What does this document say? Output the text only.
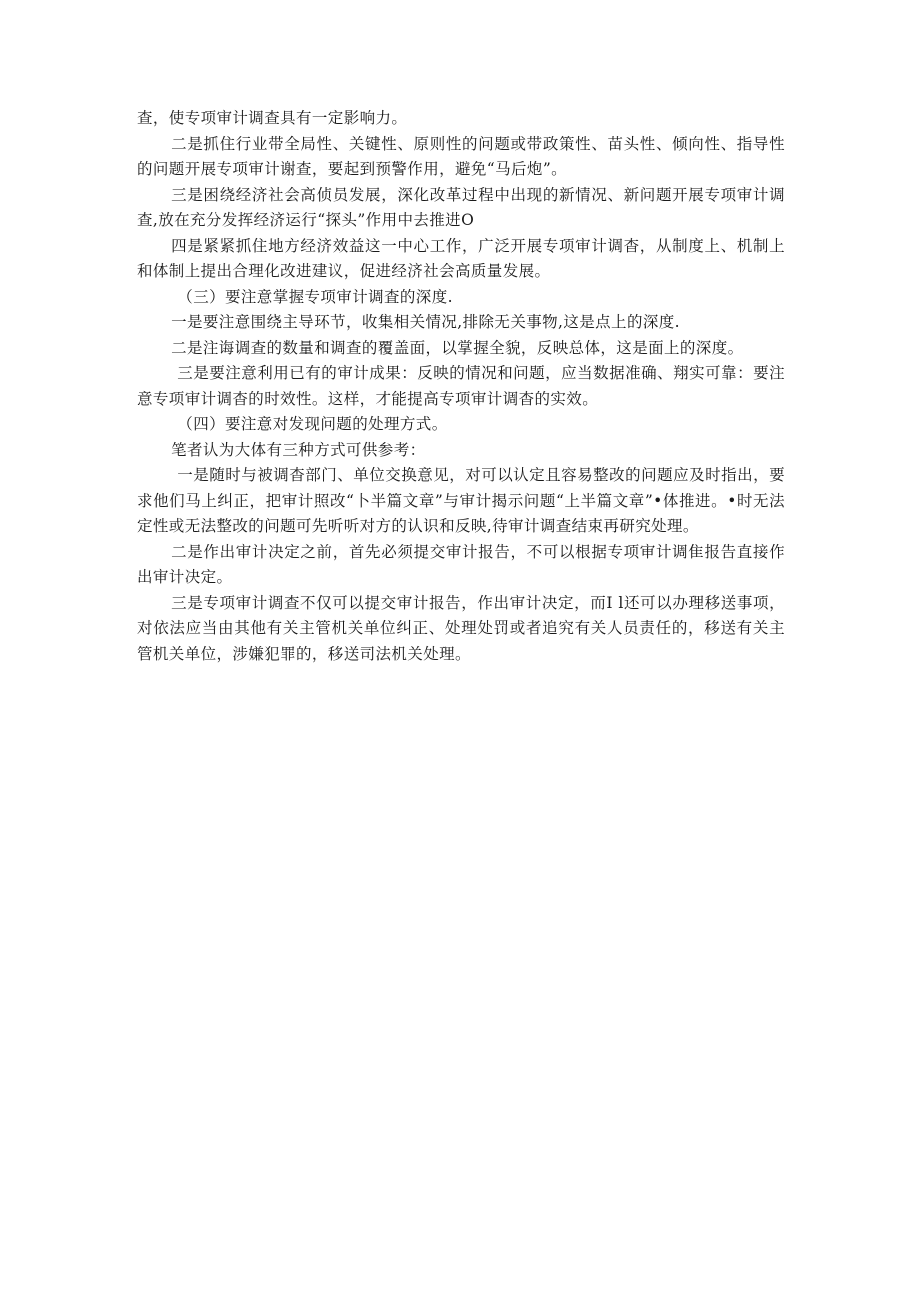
查，使专项审计调查具有一定影响力。

二是抓住行业带全局性、关键性、原则性的问题或带政策性、苗头性、倾向性、指导性的问题开展专项审计谢查，要起到预警作用，避免“马后炮”。

三是困绕经济社会高侦员发展，深化改革过程中出现的新情况、新问题开展专项审计调查,放在充分发挥经济运行“探头”作用中去推进O

四是紧紧抓住地方经济效益这一中心工作，广泛开展专项审计调杳，从制度上、机制上和体制上提出合理化改进建议，促进经济社会高质量发展。

（三）要注意掌握专项审计调査的深度.

一是要注意围绕主导环节，收集相关情况,排除无关事物,这是点上的深度.

二是注诲调查的数量和调查的覆盖面，以掌握全貌，反映总体，这是面上的深度。

三是要注意利用已有的审计成果：反映的情况和问题，应当数据准确、翔实可靠：要注意专项审计调杳的时效性。这样，才能提高专项审计调杳的实效。

（四）要注意对发现问题的处理方式。

笔者认为大体有三种方式可供参考：

一是随时与被调杳部门、单位交换意见，对可以认定且容易整改的问题应及时指出，要求他们马上纠正，把审计照改“卜半篇文章”与审计揭示问题“上半篇文章”•体推进。•时无法定性或无法整改的问题可先听听对方的认识和反映,待审计调查结束再研究处理。

二是作出审计决定之前，首先必须提交审计报告，不可以根据专项审计调隹报告直接作出审计决定。

三是专项审计调查不仅可以提交审计报告，作出审计决定，而I l还可以办理移送事项，对依法应当由其他有关主管机关单位纠正、处理处罚或者追究有关人员责任的，移送有关主管机关单位，涉嫌犯罪的，移送司法机关处理。
